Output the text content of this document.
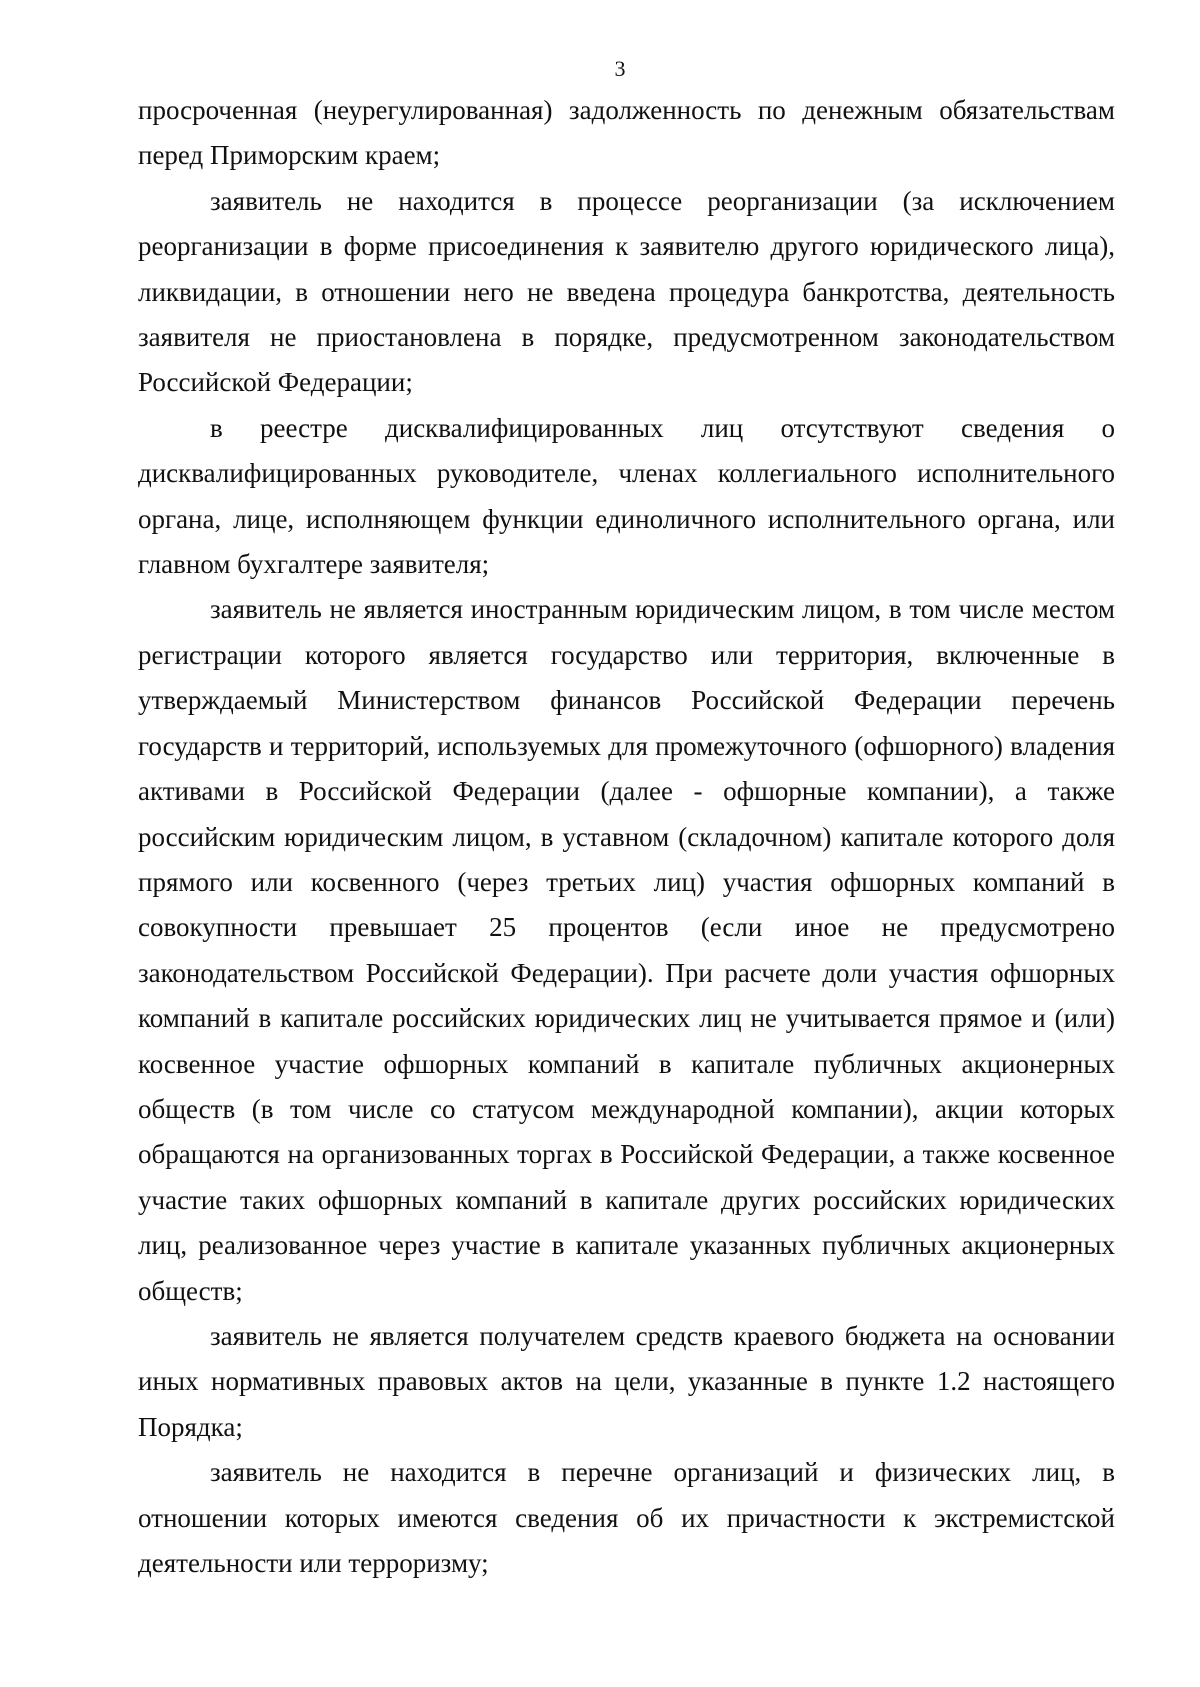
3

просроченная (неурегулированная) задолженность по денежным обязательствам перед Приморским краем;

заявитель не находится в процессе реорганизации (за исключением реорганизации в форме присоединения к заявителю другого юридического лица), ликвидации, в отношении него не введена процедура банкротства, деятельность заявителя не приостановлена в порядке, предусмотренном законодательством Российской Федерации;

в реестре дисквалифицированных лиц отсутствуют сведения о дисквалифицированных руководителе, членах коллегиального исполнительного органа, лице, исполняющем функции единоличного исполнительного органа, или главном бухгалтере заявителя;

заявитель не является иностранным юридическим лицом, в том числе местом регистрации которого является государство или территория, включенные в утверждаемый Министерством финансов Российской Федерации перечень государств и территорий, используемых для промежуточного (офшорного) владения активами в Российской Федерации (далее - офшорные компании), а также российским юридическим лицом, в уставном (складочном) капитале которого доля прямого или косвенного (через третьих лиц) участия офшорных компаний в совокупности превышает 25 процентов (если иное не предусмотрено законодательством Российской Федерации). При расчете доли участия офшорных компаний в капитале российских юридических лиц не учитывается прямое и (или) косвенное участие офшорных компаний в капитале публичных акционерных обществ (в том числе со статусом международной компании), акции которых обращаются на организованных торгах в Российской Федерации, а также косвенное участие таких офшорных компаний в капитале других российских юридических лиц, реализованное через участие в капитале указанных публичных акционерных обществ;

заявитель не является получателем средств краевого бюджета на основании иных нормативных правовых актов на цели, указанные в пункте 1.2 настоящего Порядка;

заявитель не находится в перечне организаций и физических лиц, в отношении которых имеются сведения об их причастности к экстремистской деятельности или терроризму;
